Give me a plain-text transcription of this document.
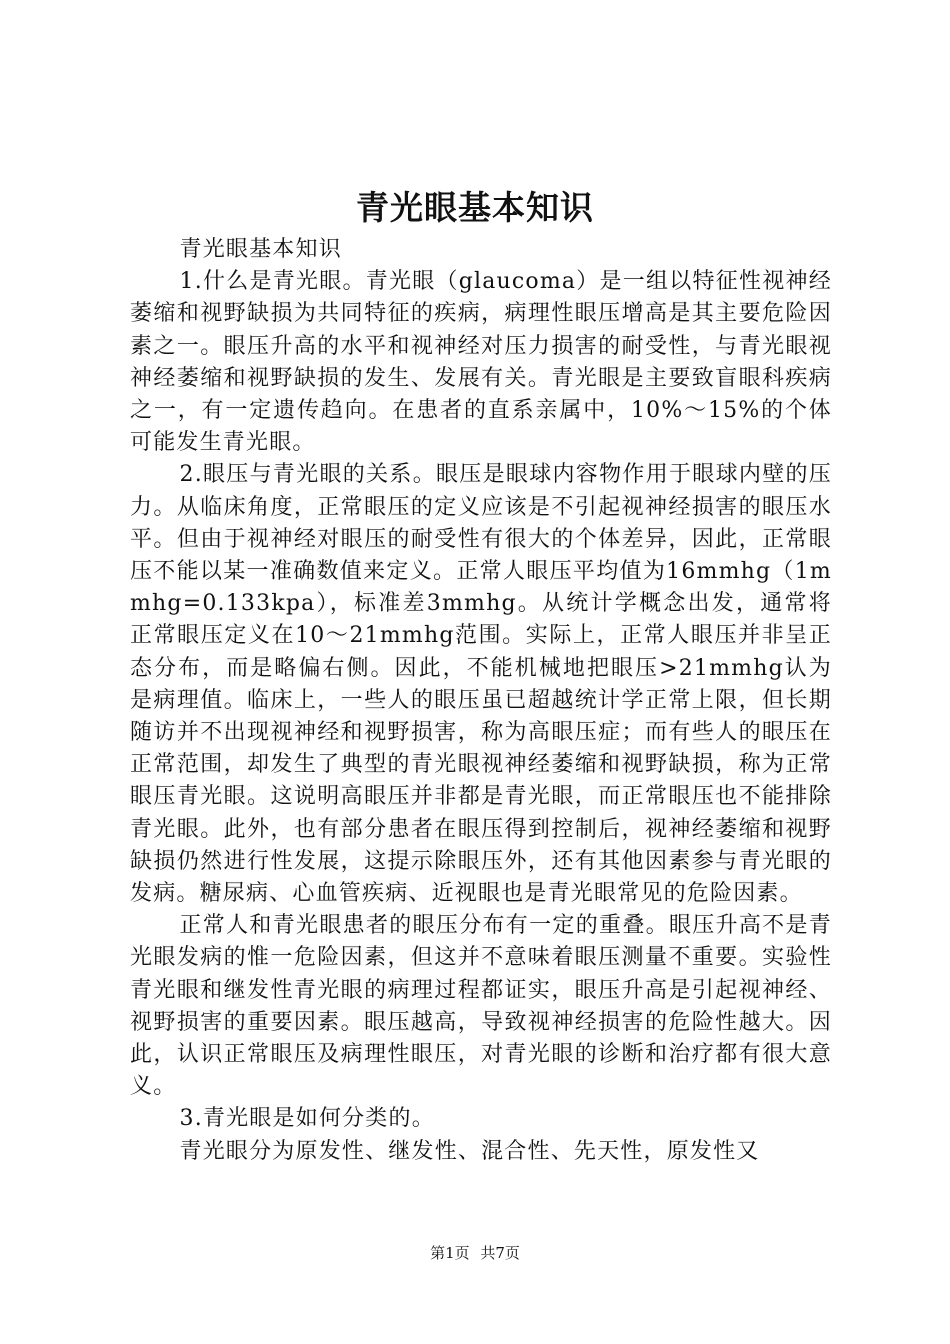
青光眼基本知识

青光眼基本知识

1.什么是青光眼。青光眼（glaucoma）是一组以特征性视神经萎缩和视野缺损为共同特征的疾病，病理性眼压增高是其主要危险因素之一。眼压升高的水平和视神经对压力损害的耐受性，与青光眼视神经萎缩和视野缺损的发生、发展有关。青光眼是主要致盲眼科疾病之一，有一定遗传趋向。在患者的直系亲属中，10%～15%的个体可能发生青光眼。

2.眼压与青光眼的关系。眼压是眼球内容物作用于眼球内壁的压力。从临床角度，正常眼压的定义应该是不引起视神经损害的眼压水平。但由于视神经对眼压的耐受性有很大的个体差异，因此，正常眼压不能以某一准确数值来定义。正常人眼压平均值为16mmhg（1mmhg=0.133kpa），标准差3mmhg。从统计学概念出发，通常将正常眼压定义在10～21mmhg范围。实际上，正常人眼压并非呈正态分布，而是略偏右侧。因此，不能机械地把眼压>21mmhg认为是病理值。临床上，一些人的眼压虽已超越统计学正常上限，但长期随访并不出现视神经和视野损害，称为高眼压症；而有些人的眼压在正常范围，却发生了典型的青光眼视神经萎缩和视野缺损，称为正常眼压青光眼。这说明高眼压并非都是青光眼，而正常眼压也不能排除青光眼。此外，也有部分患者在眼压得到控制后，视神经萎缩和视野缺损仍然进行性发展，这提示除眼压外，还有其他因素参与青光眼的发病。糖尿病、心血管疾病、近视眼也是青光眼常见的危险因素。

正常人和青光眼患者的眼压分布有一定的重叠。眼压升高不是青光眼发病的惟一危险因素，但这并不意味着眼压测量不重要。实验性青光眼和继发性青光眼的病理过程都证实，眼压升高是引起视神经、视野损害的重要因素。眼压越高，导致视神经损害的危险性越大。因此，认识正常眼压及病理性眼压，对青光眼的诊断和治疗都有很大意义。

3.青光眼是如何分类的。

青光眼分为原发性、继发性、混合性、先天性，原发性又

第1页 共7页
